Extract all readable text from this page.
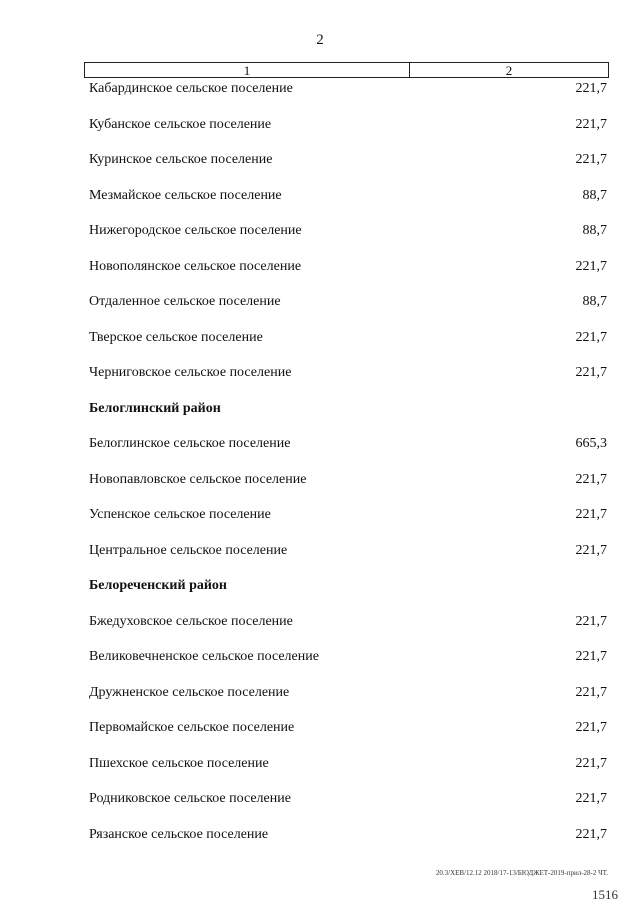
2
1	2
Кабардинское сельское поселение	221,7
Кубанское сельское поселение	221,7
Куринское сельское поселение	221,7
Мезмайское сельское поселение	88,7
Нижегородское сельское поселение	88,7
Новополянское сельское поселение	221,7
Отдаленное сельское поселение	88,7
Тверское сельское поселение	221,7
Черниговское сельское поселение	221,7
Белоглинский район
Белоглинское сельское поселение	665,3
Новопавловское сельское поселение	221,7
Успенское сельское поселение	221,7
Центральное сельское поселение	221,7
Белореченский район
Бжедуховское сельское поселение	221,7
Великовечненское сельское поселение	221,7
Дружненское сельское поселение	221,7
Первомайское сельское поселение	221,7
Пшехское сельское поселение	221,7
Родниковское сельское поселение	221,7
Рязанское сельское поселение	221,7
20.3/ХЕВ/12.12 2018/17-13/БЮДЖЕТ-2019-прил-28-2 ЧТ.
1516
